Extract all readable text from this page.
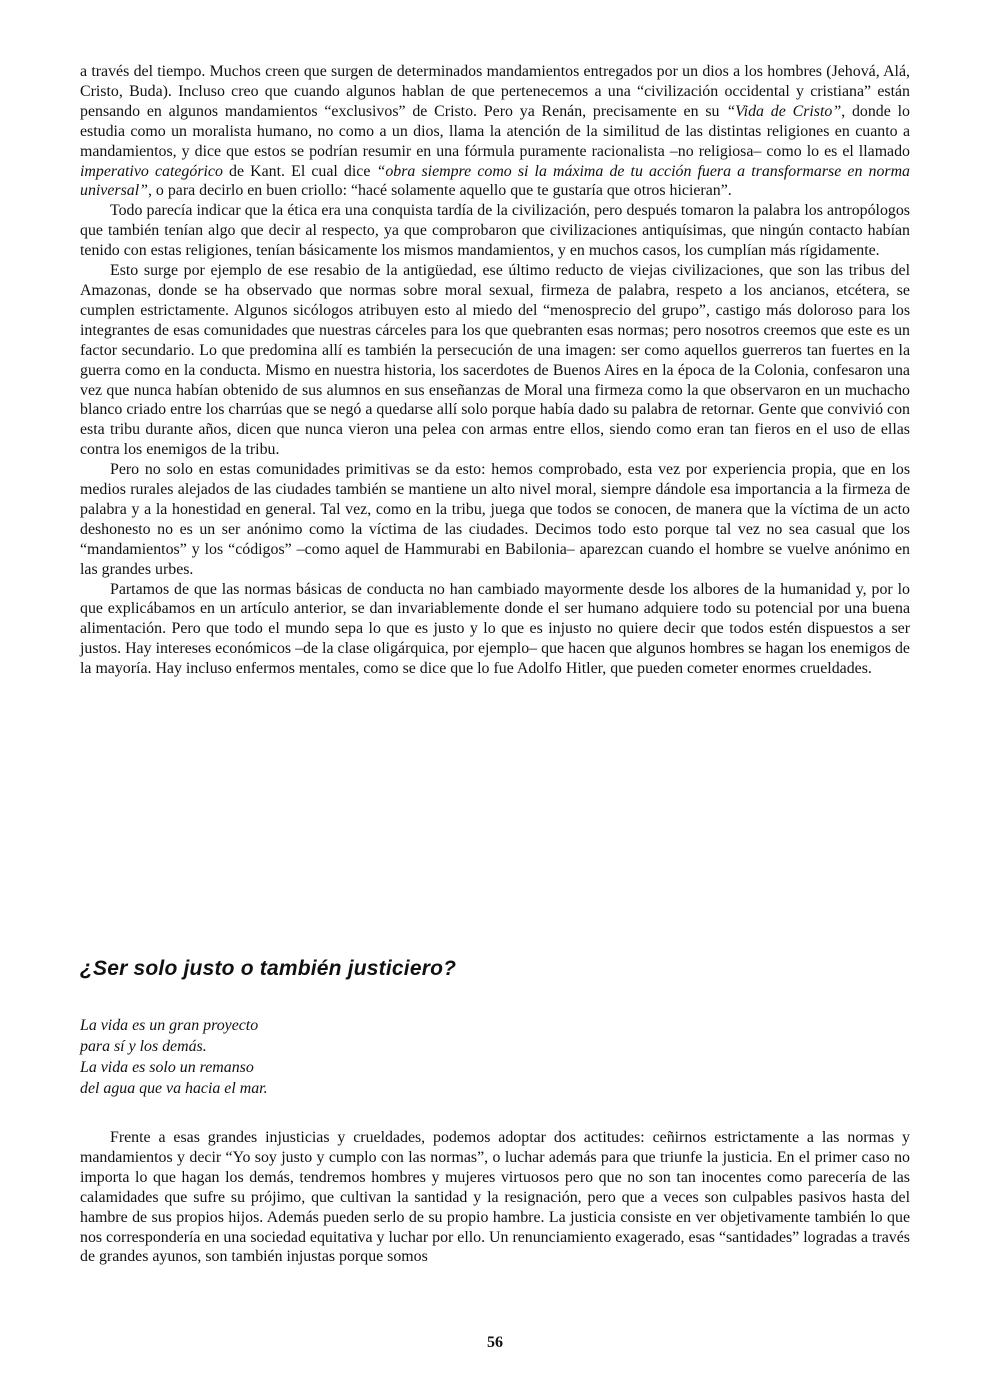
a través del tiempo. Muchos creen que surgen de determinados mandamientos entregados por un dios a los hombres (Jehová, Alá, Cristo, Buda). Incluso creo que cuando algunos hablan de que pertenecemos a una “civilización occidental y cristiana” están pensando en algunos mandamientos “exclusivos” de Cristo. Pero ya Renán, precisamente en su “Vida de Cristo”, donde lo estudia como un moralista humano, no como a un dios, llama la atención de la similitud de las distintas religiones en cuanto a mandamientos, y dice que estos se podrían resumir en una fórmula puramente racionalista –no religiosa– como lo es el llamado imperativo categórico de Kant. El cual dice “obra siempre como si la máxima de tu acción fuera a transformarse en norma universal”, o para decirlo en buen criollo: “hacé solamente aquello que te gustaría que otros hicieran”.

Todo parecía indicar que la ética era una conquista tardía de la civilización, pero después tomaron la palabra los antropólogos que también tenían algo que decir al respecto, ya que comprobaron que civilizaciones antiquísimas, que ningún contacto habían tenido con estas religiones, tenían básicamente los mismos mandamientos, y en muchos casos, los cumplían más rígidamente.

Esto surge por ejemplo de ese resabio de la antigüedad, ese último reducto de viejas civilizaciones, que son las tribus del Amazonas, donde se ha observado que normas sobre moral sexual, firmeza de palabra, respeto a los ancianos, etcétera, se cumplen estrictamente. Algunos sicólogos atribuyen esto al miedo del “menosprecio del grupo”, castigo más doloroso para los integrantes de esas comunidades que nuestras cárceles para los que quebranten esas normas; pero nosotros creemos que este es un factor secundario. Lo que predomina allí es también la persecución de una imagen: ser como aquellos guerreros tan fuertes en la guerra como en la conducta. Mismo en nuestra historia, los sacerdotes de Buenos Aires en la época de la Colonia, confesaron una vez que nunca habían obtenido de sus alumnos en sus enseñanzas de Moral una firmeza como la que observaron en un muchacho blanco criado entre los charrúas que se negó a quedarse allí solo porque había dado su palabra de retornar. Gente que convivió con esta tribu durante años, dicen que nunca vieron una pelea con armas entre ellos, siendo como eran tan fieros en el uso de ellas contra los enemigos de la tribu.

Pero no solo en estas comunidades primitivas se da esto: hemos comprobado, esta vez por experiencia propia, que en los medios rurales alejados de las ciudades también se mantiene un alto nivel moral, siempre dándole esa importancia a la firmeza de palabra y a la honestidad en general. Tal vez, como en la tribu, juega que todos se conocen, de manera que la víctima de un acto deshonesto no es un ser anónimo como la víctima de las ciudades. Decimos todo esto porque tal vez no sea casual que los “mandamientos” y los “códigos” –como aquel de Hammurabi en Babilonia– aparezcan cuando el hombre se vuelve anónimo en las grandes urbes.

Partamos de que las normas básicas de conducta no han cambiado mayormente desde los albores de la humanidad y, por lo que explicábamos en un artículo anterior, se dan invariablemente donde el ser humano adquiere todo su potencial por una buena alimentación. Pero que todo el mundo sepa lo que es justo y lo que es injusto no quiere decir que todos estén dispuestos a ser justos. Hay intereses económicos –de la clase oligárquica, por ejemplo– que hacen que algunos hombres se hagan los enemigos de la mayoría. Hay incluso enfermos mentales, como se dice que lo fue Adolfo Hitler, que pueden cometer enormes crueldades.

¿Ser solo justo o también justiciero?
La vida es un gran proyecto
para sí y los demás.
La vida es solo un remanso
del agua que va hacia el mar.

Frente a esas grandes injusticias y crueldades, podemos adoptar dos actitudes: ceñirnos estrictamente a las normas y mandamientos y decir “Yo soy justo y cumplo con las normas”, o luchar además para que triunfe la justicia. En el primer caso no importa lo que hagan los demás, tendremos hombres y mujeres virtuosos pero que no son tan inocentes como parecería de las calamidades que sufre su prójimo, que cultivan la santidad y la resignación, pero que a veces son culpables pasivos hasta del hambre de sus propios hijos. Además pueden serlo de su propio hambre. La justicia consiste en ver objetivamente también lo que nos correspondería en una sociedad equitativa y luchar por ello. Un renunciamiento exagerado, esas “santidades” logradas a través de grandes ayunos, son también injustas porque somos

56
